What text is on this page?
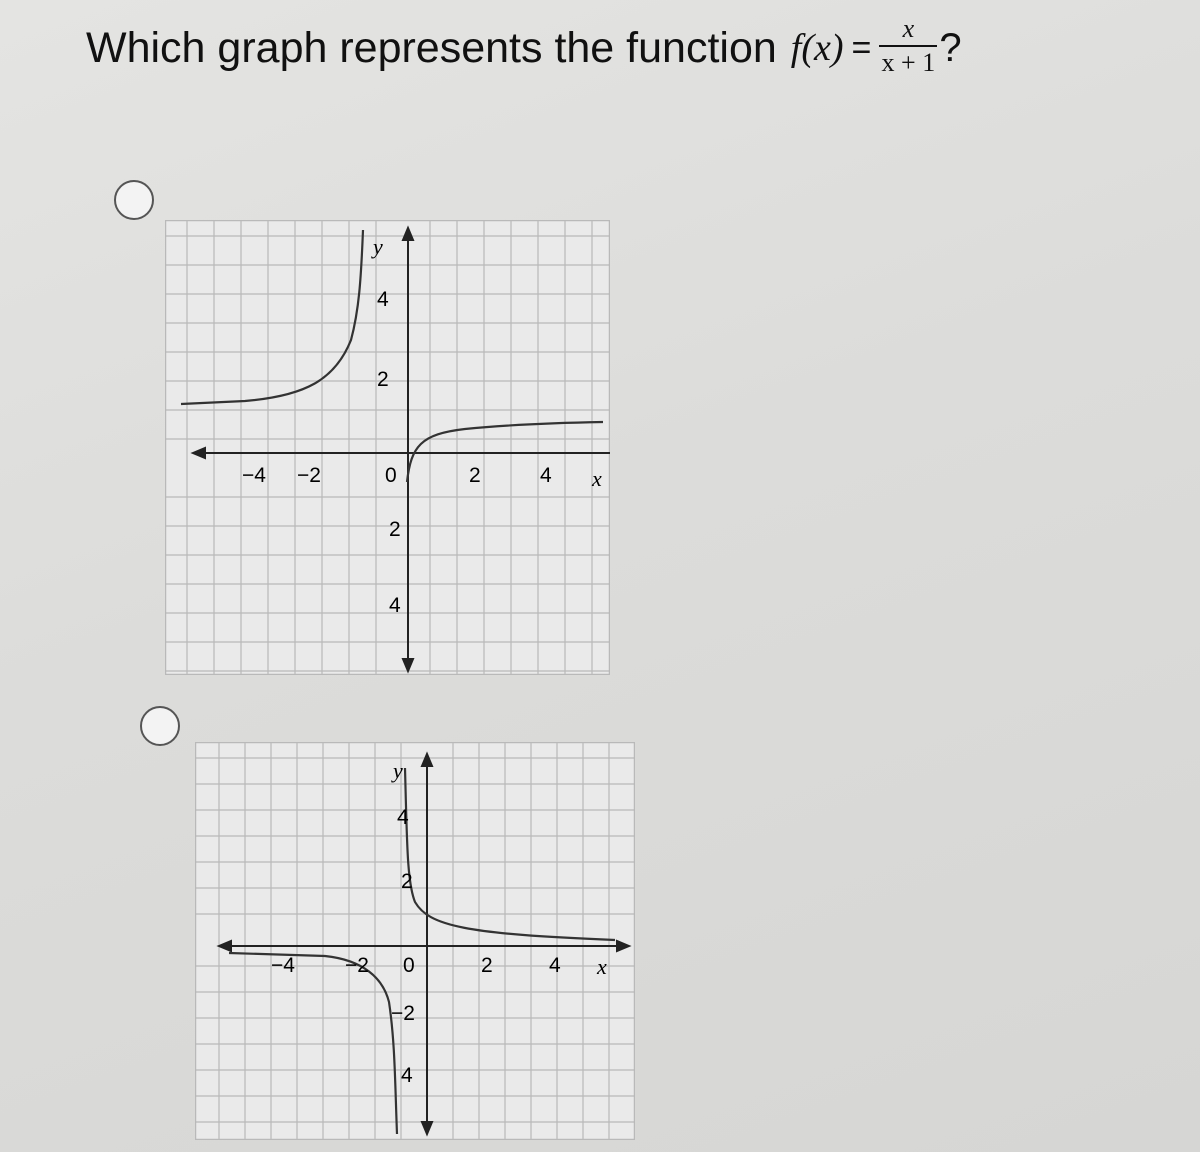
Which graph represents the function $f(x) = \frac{x}{x + 1}$ ?
y
x
−4 −2	0	2	4
4
2
2
4
y
x
−4 −2 0	2	4
4
2
−2
4
